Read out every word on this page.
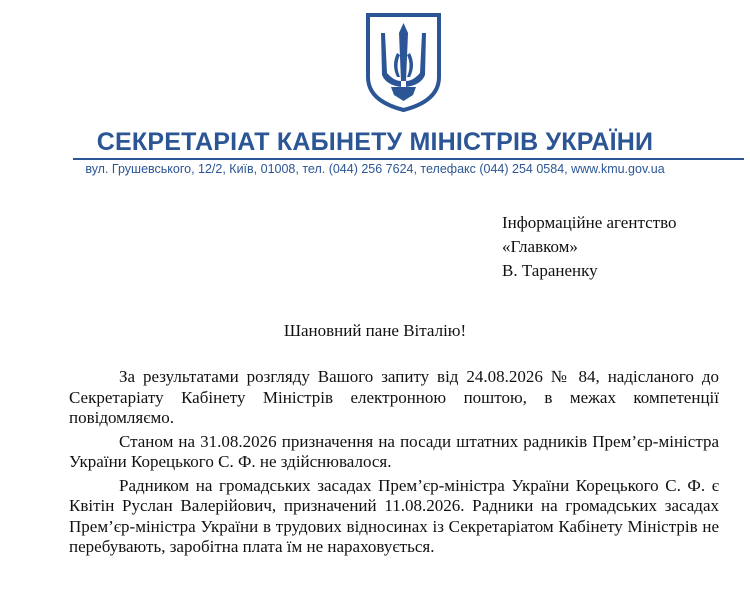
СЕКРЕТАРІАТ КАБІНЕТУ МІНІСТРІВ УКРАЇНИ
вул. Грушевського, 12/2, Київ, 01008, тел. (044) 256 7624, телефакс (044) 254 0584, www.kmu.gov.ua
Інформаційне агентство
«Главком»
В. Тараненку
Шановний пане Віталію!

За результатами розгляду Вашого запиту від 24.08.2026 № 84, надісланого до Секретаріату Кабінету Міністрів електронною поштою, в межах компетенції повідомляємо.

Станом на 31.08.2026 призначення на посади штатних радників Прем’єр-міністра України Корецького С. Ф. не здійснювалося.

Радником на громадських засадах Прем’єр-міністра України Корецького С. Ф. є Квітін Руслан Валерійович, призначений 11.08.2026. Радники на громадських засадах Прем’єр-міністра України в трудових відносинах із Секретаріатом Кабінету Міністрів не перебувають, заробітна плата їм не нараховується.
